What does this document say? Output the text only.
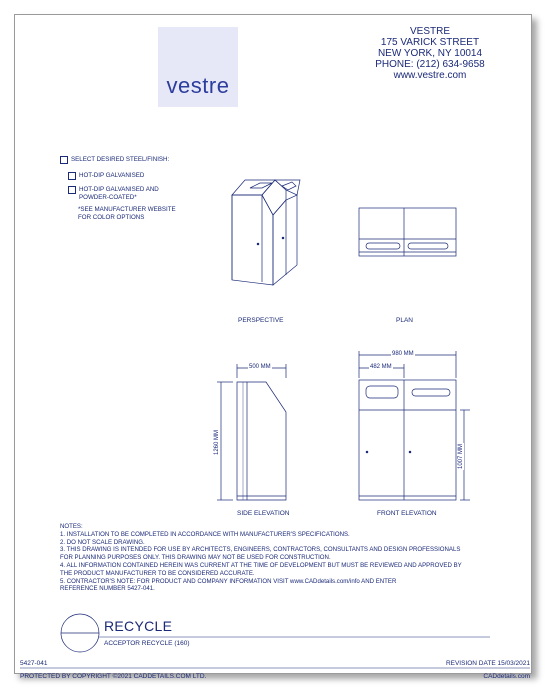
vestre
VESTRE
175 VARICK STREET
NEW YORK, NY 10014
PHONE: (212) 634-9658
www.vestre.com
SELECT DESIRED STEEL/FINISH:
HOT-DIP GALVANISED
HOT-DIP GALVANISED AND
POWDER-COATED*
*SEE MANUFACTURER WEBSITE
FOR COLOR OPTIONS
PERSPECTIVE	PLAN
SIDE ELEVATION	FRONT ELEVATION
500 MM
1260 MM
980 MM
482 MM
1007 MM
NOTES:
1. INSTALLATION TO BE COMPLETED IN ACCORDANCE WITH MANUFACTURER'S SPECIFICATIONS.
2. DO NOT SCALE DRAWING.
3. THIS DRAWING IS INTENDED FOR USE BY ARCHITECTS, ENGINEERS, CONTRACTORS, CONSULTANTS AND DESIGN PROFESSIONALS
FOR PLANNING PURPOSES ONLY. THIS DRAWING MAY NOT BE USED FOR CONSTRUCTION.
4. ALL INFORMATION CONTAINED HEREIN WAS CURRENT AT THE TIME OF DEVELOPMENT BUT MUST BE REVIEWED AND APPROVED BY
THE PRODUCT MANUFACTURER TO BE CONSIDERED ACCURATE.
5. CONTRACTOR'S NOTE: FOR PRODUCT AND COMPANY INFORMATION VISIT www.CADdetails.com/info AND ENTER
REFERENCE NUMBER 5427-041.
RECYCLE
ACCEPTOR RECYCLE (160)
5427-041	REVISION DATE 15/03/2021
PROTECTED BY COPYRIGHT ©2021 CADDETAILS.COM LTD.	CADdetails.com
